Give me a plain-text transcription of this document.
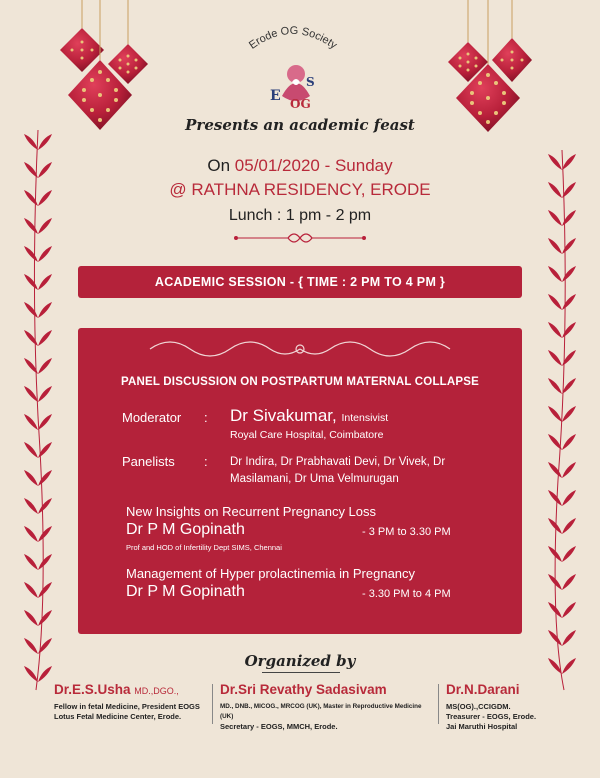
Erode OG Society
E
S
OG
Presents an academic feast
On 05/01/2020 - Sunday
@ RATHNA RESIDENCY, ERODE
Lunch : 1 pm - 2 pm
ACADEMIC SESSION - { TIME : 2 PM TO 4 PM }
PANEL DISCUSSION ON POSTPARTUM MATERNAL COLLAPSE
Moderator : Dr Sivakumar, Intensivist
Royal Care Hospital, Coimbatore
Panelists : Dr Indira, Dr Prabhavati Devi, Dr Vivek, Dr Masilamani, Dr Uma Velmurugan
New Insights on Recurrent Pregnancy Loss
Dr P M Gopinath	- 3 PM to 3.30 PM
Prof and HOD of Infertility Dept SIMS, Chennai
Management of Hyper prolactinemia in Pregnancy
Dr P M Gopinath	- 3.30 PM to 4 PM
Organized by
Dr.E.S.Usha MD.,DGO.,
Fellow in fetal Medicine, President EOGS
Lotus Fetal Medicine Center, Erode.
Dr.Sri Revathy Sadasivam
MD., DNB., MICOG., MRCOG (UK), Master in Reproductive Medicine (UK)
Secretary - EOGS, MMCH, Erode.
Dr.N.Darani
MS(OG).,CCIGDM.
Treasurer - EOGS, Erode.
Jai Maruthi Hospital
